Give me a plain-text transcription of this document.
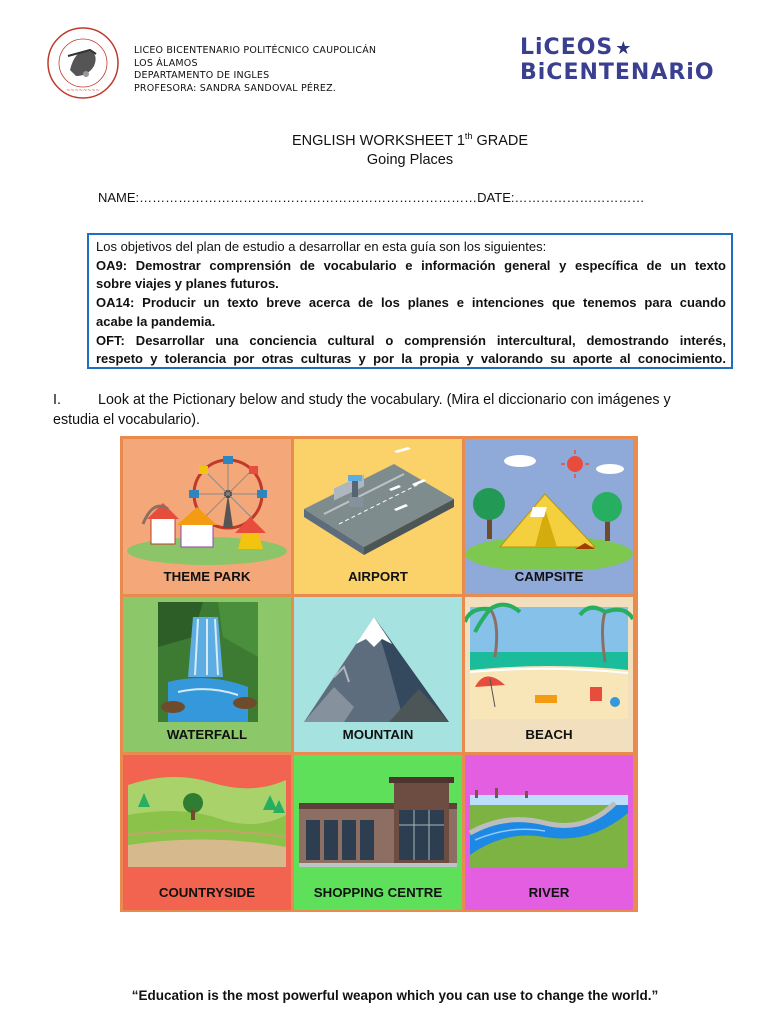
~~~~~~~~
LICEO BICENTENARIO POLITÉCNICO CAUPOLICÁN
LOS ÁLAMOS
DEPARTAMENTO DE INGLES
PROFESORA: SANDRA SANDOVAL PÉREZ.
LiCEOS ★
BiCENTENARiO
ENGLISH WORKSHEET 1th GRADE
Going Places
NAME:……………………………………………………………………DATE:…………………………
Los objetivos del plan de estudio a desarrollar en esta guía son los siguientes:
OA9: Demostrar comprensión de vocabulario e información general y específica de un texto
sobre viajes y planes futuros.
OA14: Producir un texto breve acerca de los planes e intenciones que tenemos para cuando
acabe la pandemia.
OFT: Desarrollar una conciencia cultural o comprensión intercultural, demostrando interés,
respeto y tolerancia por otras culturas y por la propia y valorando su aporte al conocimiento.
I.	Look at the Pictionary below and study the vocabulary. (Mira el diccionario con imágenes y
estudia el vocabulario).
THEME PARK	AIRPORT	CAMPSITE
WATERFALL	MOUNTAIN	BEACH
COUNTRYSIDE	SHOPPING CENTRE	RIVER
“Education is the most powerful weapon which you can use to change the world.”
